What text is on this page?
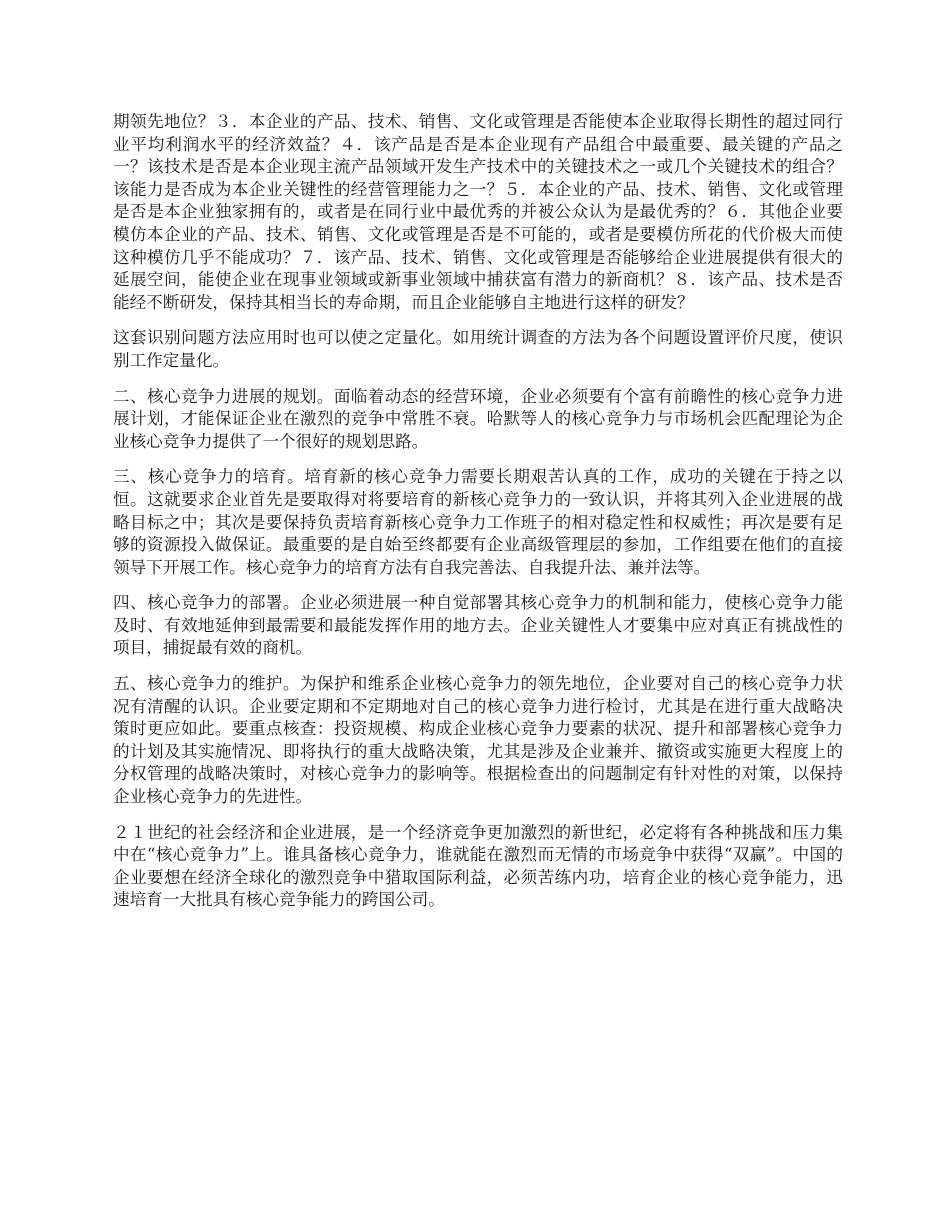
期领先地位？３．本企业的产品、技术、销售、文化或管理是否能使本企业取得长期性的超过同行业平均利润水平的经济效益？４．该产品是否是本企业现有产品组合中最重要、最关键的产品之一？该技术是否是本企业现主流产品领域开发生产技术中的关键技术之一或几个关键技术的组合？该能力是否成为本企业关键性的经营管理能力之一？５．本企业的产品、技术、销售、文化或管理是否是本企业独家拥有的，或者是在同行业中最优秀的并被公众认为是最优秀的？６．其他企业要模仿本企业的产品、技术、销售、文化或管理是否是不可能的，或者是要模仿所花的代价极大而使这种模仿几乎不能成功？７．该产品、技术、销售、文化或管理是否能够给企业进展提供有很大的延展空间，能使企业在现事业领域或新事业领域中捕获富有潜力的新商机？８．该产品、技术是否能经不断研发，保持其相当长的寿命期，而且企业能够自主地进行这样的研发？

这套识别问题方法应用时也可以使之定量化。如用统计调查的方法为各个问题设置评价尺度，使识别工作定量化。

二、核心竞争力进展的规划。面临着动态的经营环境，企业必须要有个富有前瞻性的核心竞争力进展计划，才能保证企业在激烈的竞争中常胜不衰。哈默等人的核心竞争力与市场机会匹配理论为企业核心竞争力提供了一个很好的规划思路。

三、核心竞争力的培育。培育新的核心竞争力需要长期艰苦认真的工作，成功的关键在于持之以恒。这就要求企业首先是要取得对将要培育的新核心竞争力的一致认识，并将其列入企业进展的战略目标之中；其次是要保持负责培育新核心竞争力工作班子的相对稳定性和权威性；再次是要有足够的资源投入做保证。最重要的是自始至终都要有企业高级管理层的参加，工作组要在他们的直接领导下开展工作。核心竞争力的培育方法有自我完善法、自我提升法、兼并法等。

四、核心竞争力的部署。企业必须进展一种自觉部署其核心竞争力的机制和能力，使核心竞争力能及时、有效地延伸到最需要和最能发挥作用的地方去。企业关键性人才要集中应对真正有挑战性的项目，捕捉最有效的商机。

五、核心竞争力的维护。为保护和维系企业核心竞争力的领先地位，企业要对自己的核心竞争力状况有清醒的认识。企业要定期和不定期地对自己的核心竞争力进行检讨，尤其是在进行重大战略决策时更应如此。要重点核查：投资规模、构成企业核心竞争力要素的状况、提升和部署核心竞争力的计划及其实施情况、即将执行的重大战略决策，尤其是涉及企业兼并、撤资或实施更大程度上的分权管理的战略决策时，对核心竞争力的影响等。根据检查出的问题制定有针对性的对策，以保持企业核心竞争力的先进性。

２１世纪的社会经济和企业进展，是一个经济竞争更加激烈的新世纪，必定将有各种挑战和压力集中在“核心竞争力”上。谁具备核心竞争力，谁就能在激烈而无情的市场竞争中获得“双赢”。中国的企业要想在经济全球化的激烈竞争中猎取国际利益，必须苦练内功，培育企业的核心竞争能力，迅速培育一大批具有核心竞争能力的跨国公司。
